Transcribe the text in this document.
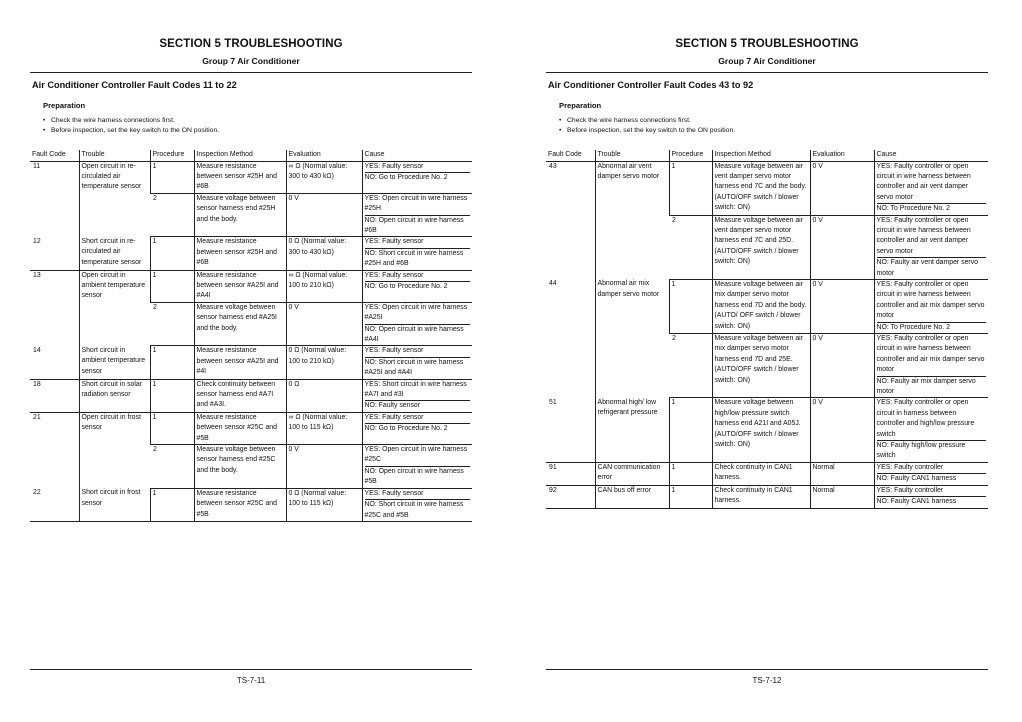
SECTION 5 TROUBLESHOOTING
Group 7 Air Conditioner
Air Conditioner Controller Fault Codes 11 to 22
Preparation
• Check the wire harness connections first.
• Before inspection, set the key switch to the ON position.
Fault Code	Trouble	Procedure	Inspection Method	Evaluation	Cause
11	Open circuit in re-circulated air temperature sensor	1	Measure resistance between sensor #25H and #6B	∞ Ω (Normal value: 300 to 430 kΩ)	YES: Faulty sensor
NO: Go to Procedure No. 2

		2	Measure voltage between sensor harness end #25H and the body.	0 V	YES: Open circuit in wire harness #25H
NO: Open circuit in wire harness #6B

12	Short circuit in re-circulated air temperature sensor	1	Measure resistance between sensor #25H and #6B	0 Ω (Normal value: 300 to 430 kΩ)	YES: Faulty sensor
NO: Short circuit in wire harness #25H and #6B

13	Open circuit in ambient temperature sensor	1	Measure resistance between sensor #A25I and #A4I	∞ Ω (Normal value: 100 to 210 kΩ)	YES: Faulty sensor
NO: Go to Procedure No. 2

		2	Measure voltage between sensor harness end #A25I and the body.	0 V	YES: Open circuit in wire harness #A25I
NO: Open circuit in wire harness #A4I

14	Short circuit in ambient temperature sensor	1	Measure resistance between sensor #A25I and #4I	0 Ω (Normal value: 100 to 210 kΩ)	YES: Faulty sensor
NO: Short circuit in wire harness #A25I and #A4I

18	Short circuit in solar radiation sensor	1	Check continuity between sensor harness end #A7I and #A3I.	0 Ω	YES: Short circuit in wire harness #A7I and #3I
NO: Faulty sensor

21	Open circuit in frost sensor	1	Measure resistance between sensor #25C and #5B	∞ Ω (Normal value: 100 to 115 kΩ)	YES: Faulty sensor
NO: Go to Procedure No. 2

		2	Measure voltage between sensor harness end #25C and the body.	0 V	YES: Open circuit in wire harness #25C
NO: Open circuit in wire harness #5B

22	Short circuit in frost sensor	1	Measure resistance between sensor #25C and #5B	0 Ω (Normal value: 100 to 115 kΩ)	YES: Faulty sensor
NO: Short circuit in wire harness #25C and #5B
TS-7-11
SECTION 5 TROUBLESHOOTING
Group 7 Air Conditioner
Air Conditioner Controller Fault Codes 43 to 92
Preparation
• Check the wire harness connections first.
• Before inspection, set the key switch to the ON position.
Fault Code	Trouble	Procedure	Inspection Method	Evaluation	Cause
43	Abnormal air vent damper servo motor	1	Measure voltage between air vent damper servo motor harness end 7C and the body. (AUTO/OFF switch / blower switch: ON)	0 V	YES: Faulty controller or open circuit in wire harness between controller and air vent damper servo motor
NO: To Procedure No. 2

		2	Measure voltage between air vent damper servo motor harness end 7C and 25D. (AUTO/OFF switch / blower switch: ON)	0 V	YES: Faulty controller or open circuit in wire harness between controller and air vent damper servo motor
NO: Faulty air vent damper servo motor

44	Abnormal air mix damper servo motor	1	Measure voltage between air mix damper servo motor harness end 7D and the body. (AUTO/ OFF switch / blower switch: ON)	0 V	YES: Faulty controller or open circuit in wire harness between controller and air mix damper servo motor
NO: To Procedure No. 2

		2	Measure voltage between air mix damper servo motor harness end 7D and 25E. (AUTO/OFF switch / blower switch: ON)	0 V	YES: Faulty controller or open circuit in wire harness between controller and air mix damper servo motor
NO: Faulty air mix damper servo motor

51	Abnormal high/ low refrigerant pressure	1	Measure voltage between high/low pressure switch harness end A21I and A05J. (AUTO/OFF switch / blower switch: ON)	0 V	YES: Faulty controller or open circuit in harness between controller and high/low pressure switch
NO: Faulty high/low pressure switch

91	CAN communication error	1	Check continuity in CAN1 harness.	Normal	YES: Faulty controller
NO: Faulty CAN1 harness

92	CAN bus off error	1	Check continuity in CAN1 harness.	Normal	YES: Faulty controller
NO: Faulty CAN1 harness
TS-7-12
